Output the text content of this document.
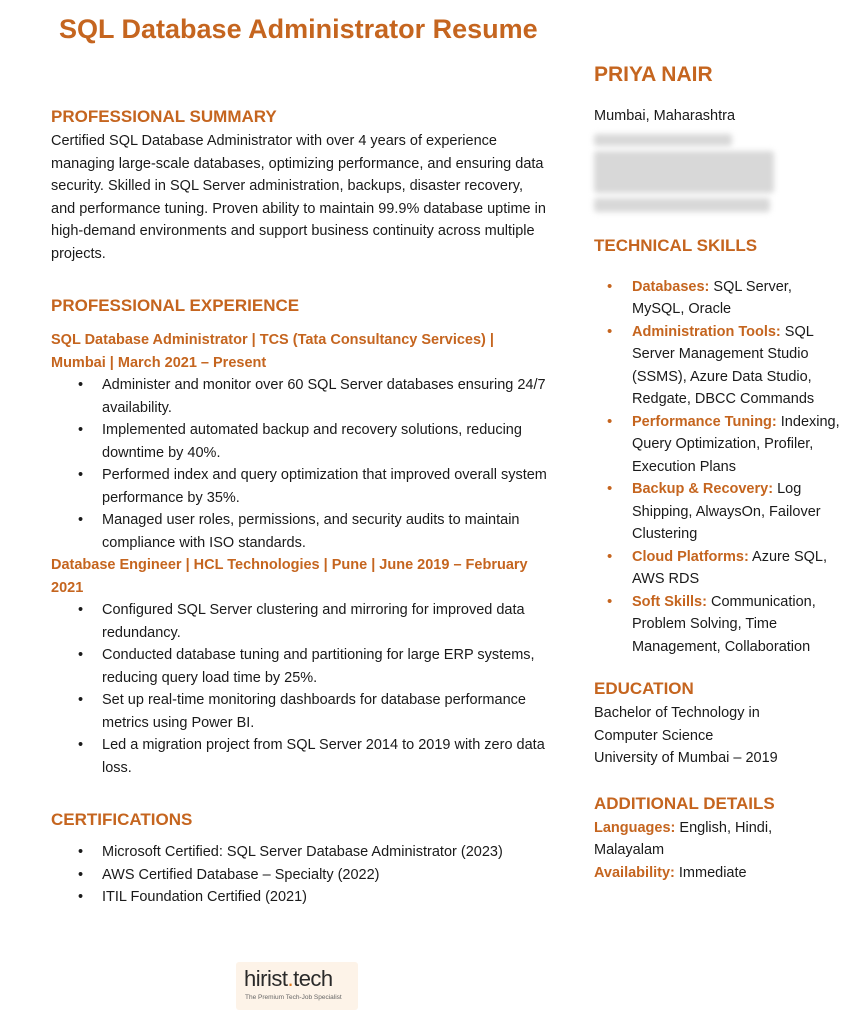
SQL Database Administrator Resume
PROFESSIONAL SUMMARY

Certified SQL Database Administrator with over 4 years of experience managing large-scale databases, optimizing performance, and ensuring data security. Skilled in SQL Server administration, backups, disaster recovery, and performance tuning. Proven ability to maintain 99.9% database uptime in high-demand environments and support business continuity across multiple projects.

PROFESSIONAL EXPERIENCE
SQL Database Administrator | TCS (Tata Consultancy Services) | Mumbai | March 2021 – Present
• Administer and monitor over 60 SQL Server databases ensuring 24/7 availability.
• Implemented automated backup and recovery solutions, reducing downtime by 40%.
• Performed index and query optimization that improved overall system performance by 35%.
• Managed user roles, permissions, and security audits to maintain compliance with ISO standards.
Database Engineer | HCL Technologies | Pune | June 2019 – February 2021
• Configured SQL Server clustering and mirroring for improved data redundancy.
• Conducted database tuning and partitioning for large ERP systems, reducing query load time by 25%.
• Set up real-time monitoring dashboards for database performance metrics using Power BI.
• Led a migration project from SQL Server 2014 to 2019 with zero data loss.
CERTIFICATIONS
• Microsoft Certified: SQL Server Database Administrator (2023)
• AWS Certified Database – Specialty (2022)
• ITIL Foundation Certified (2021)
PRIYA NAIR
Mumbai, Maharashtra
TECHNICAL SKILLS
• Databases: SQL Server, MySQL, Oracle
• Administration Tools: SQL Server Management Studio (SSMS), Azure Data Studio, Redgate, DBCC Commands
• Performance Tuning: Indexing, Query Optimization, Profiler, Execution Plans
• Backup & Recovery: Log Shipping, AlwaysOn, Failover Clustering
• Cloud Platforms: Azure SQL, AWS RDS
• Soft Skills: Communication, Problem Solving, Time Management, Collaboration
EDUCATION
Bachelor of Technology in
Computer Science
University of Mumbai – 2019
ADDITIONAL DETAILS
Languages: English, Hindi, Malayalam
Availability: Immediate
hirist.tech
The Premium Tech-Job Specialist
